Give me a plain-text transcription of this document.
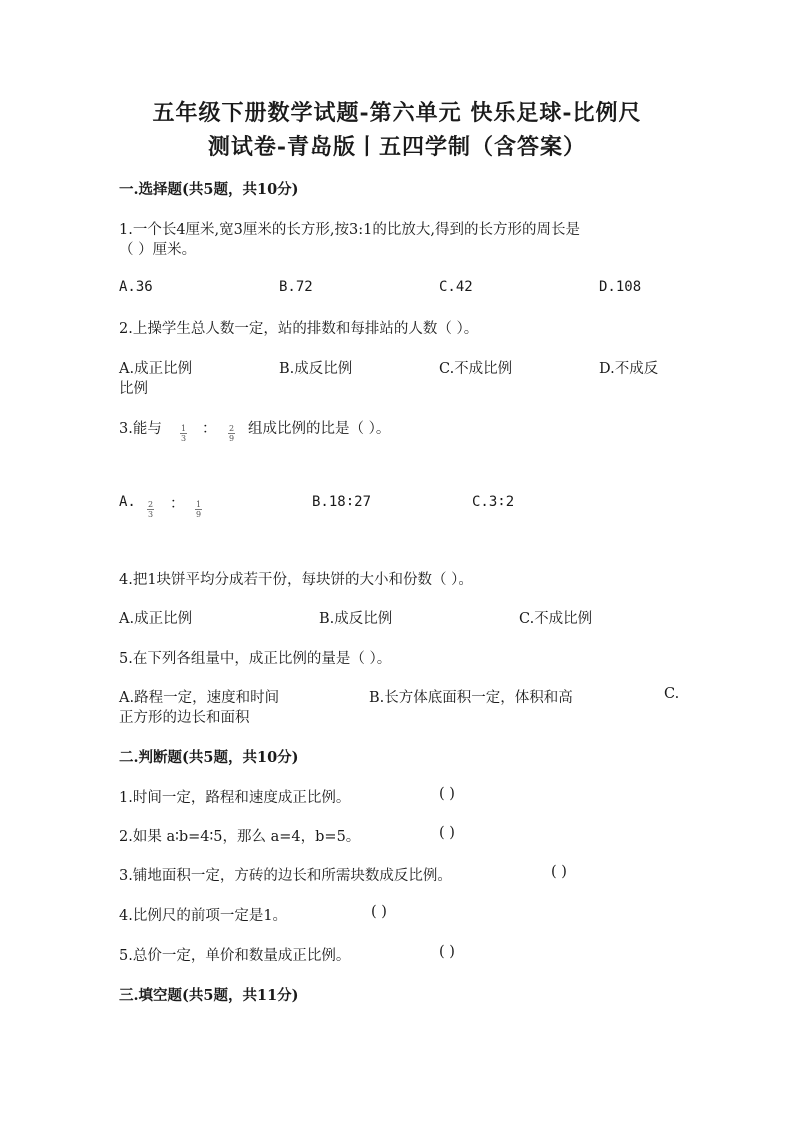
五年级下册数学试题-第六单元 快乐足球-比例尺
测试卷-青岛版丨五四学制（含答案）
一.选择题(共5题，共10分)
1.一个长4厘米,宽3厘米的长方形,按3:1的比放大,得到的长方形的周长是
（ ）厘米。
A.36	B.72	C.42	D.108
2.上操学生总人数一定，站的排数和每排站的人数（ ）。
A.成正比例	B.成反比例	C.不成比例	D.不成反
比例
3.能与 $\frac{1}{3}$ ： $\frac{2}{9}$ 组成比例的比是（ ）。
A. $\frac{2}{3}$ ： $\frac{1}{9}$	B.18∶27	C.3∶2
4.把1块饼平均分成若干份，每块饼的大小和份数（ ）。
A.成正比例	B.成反比例	C.不成比例
5.在下列各组量中，成正比例的量是（ ）。
A.路程一定，速度和时间	B.长方体底面积一定，体积和高	C.
正方形的边长和面积
二.判断题(共5题，共10分)
1.时间一定，路程和速度成正比例。	( )
2.如果 a∶b=4∶5，那么 a=4，b=5。	( )
3.铺地面积一定，方砖的边长和所需块数成反比例。	( )
4.比例尺的前项一定是1。	( )
5.总价一定，单价和数量成正比例。	( )
三.填空题(共5题，共11分)
